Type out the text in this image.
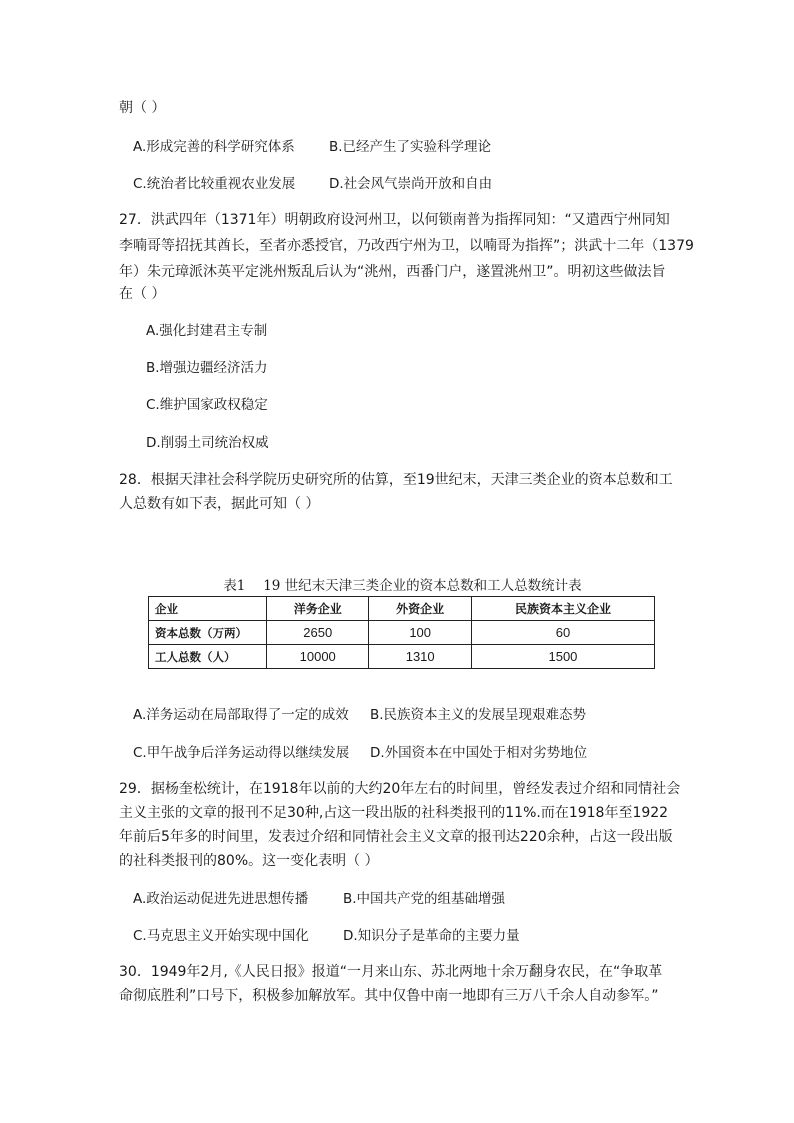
朝（ ）
A.形成完善的科学研究体系	B.已经产生了实验科学理论
C.统治者比较重视农业发展	D.社会风气崇尚开放和自由
27．洪武四年（1371年）明朝政府设河州卫，以何锁南普为指挥同知：“又遣西宁州同知
李喃哥等招抚其酋长，至者亦悉授官，乃改西宁州为卫，以喃哥为指挥”；洪武十二年（1379
年）朱元璋派沐英平定洮州叛乱后认为“洮州，西番门户，遂置洮州卫”。明初这些做法旨
在（ ）
A.强化封建君主专制
B.增强边疆经济活力
C.维护国家政权稳定
D.削弱土司统治权威
28．根据天津社会科学院历史研究所的估算，至19世纪末，天津三类企业的资本总数和工
人总数有如下表，据此可知（ ）
表1　 19 世纪末天津三类企业的资本总数和工人总数统计表
企业	洋务企业	外资企业	民族资本主义企业
资本总数（万两）	2650	100	60
工人总数（人）	10000	1310	1500
A.洋务运动在局部取得了一定的成效 B.民族资本主义的发展呈现艰难态势
C.甲午战争后洋务运动得以继续发展 D.外国资本在中国处于相对劣势地位
29．据杨奎松统计，在1918年以前的大约20年左右的时间里，曾经发表过介绍和同情社会
主义主张的文章的报刊不足30种,占这一段出版的社科类报刊的11%.而在1918年至1922
年前后5年多的时间里，发表过介绍和同情社会主义文章的报刊达220余种，占这一段出版
的社科类报刊的80%。这一变化表明（ ）
A.政治运动促进先进思想传播	B.中国共产党的组基础增强
C.马克思主义开始实现中国化	D.知识分子是革命的主要力量
30．1949年2月,《人民日报》报道“一月来山东、苏北两地十余万翻身农民，在“争取革
命彻底胜利”口号下，积极参加解放军。其中仅鲁中南一地即有三万八千余人自动参军。”
